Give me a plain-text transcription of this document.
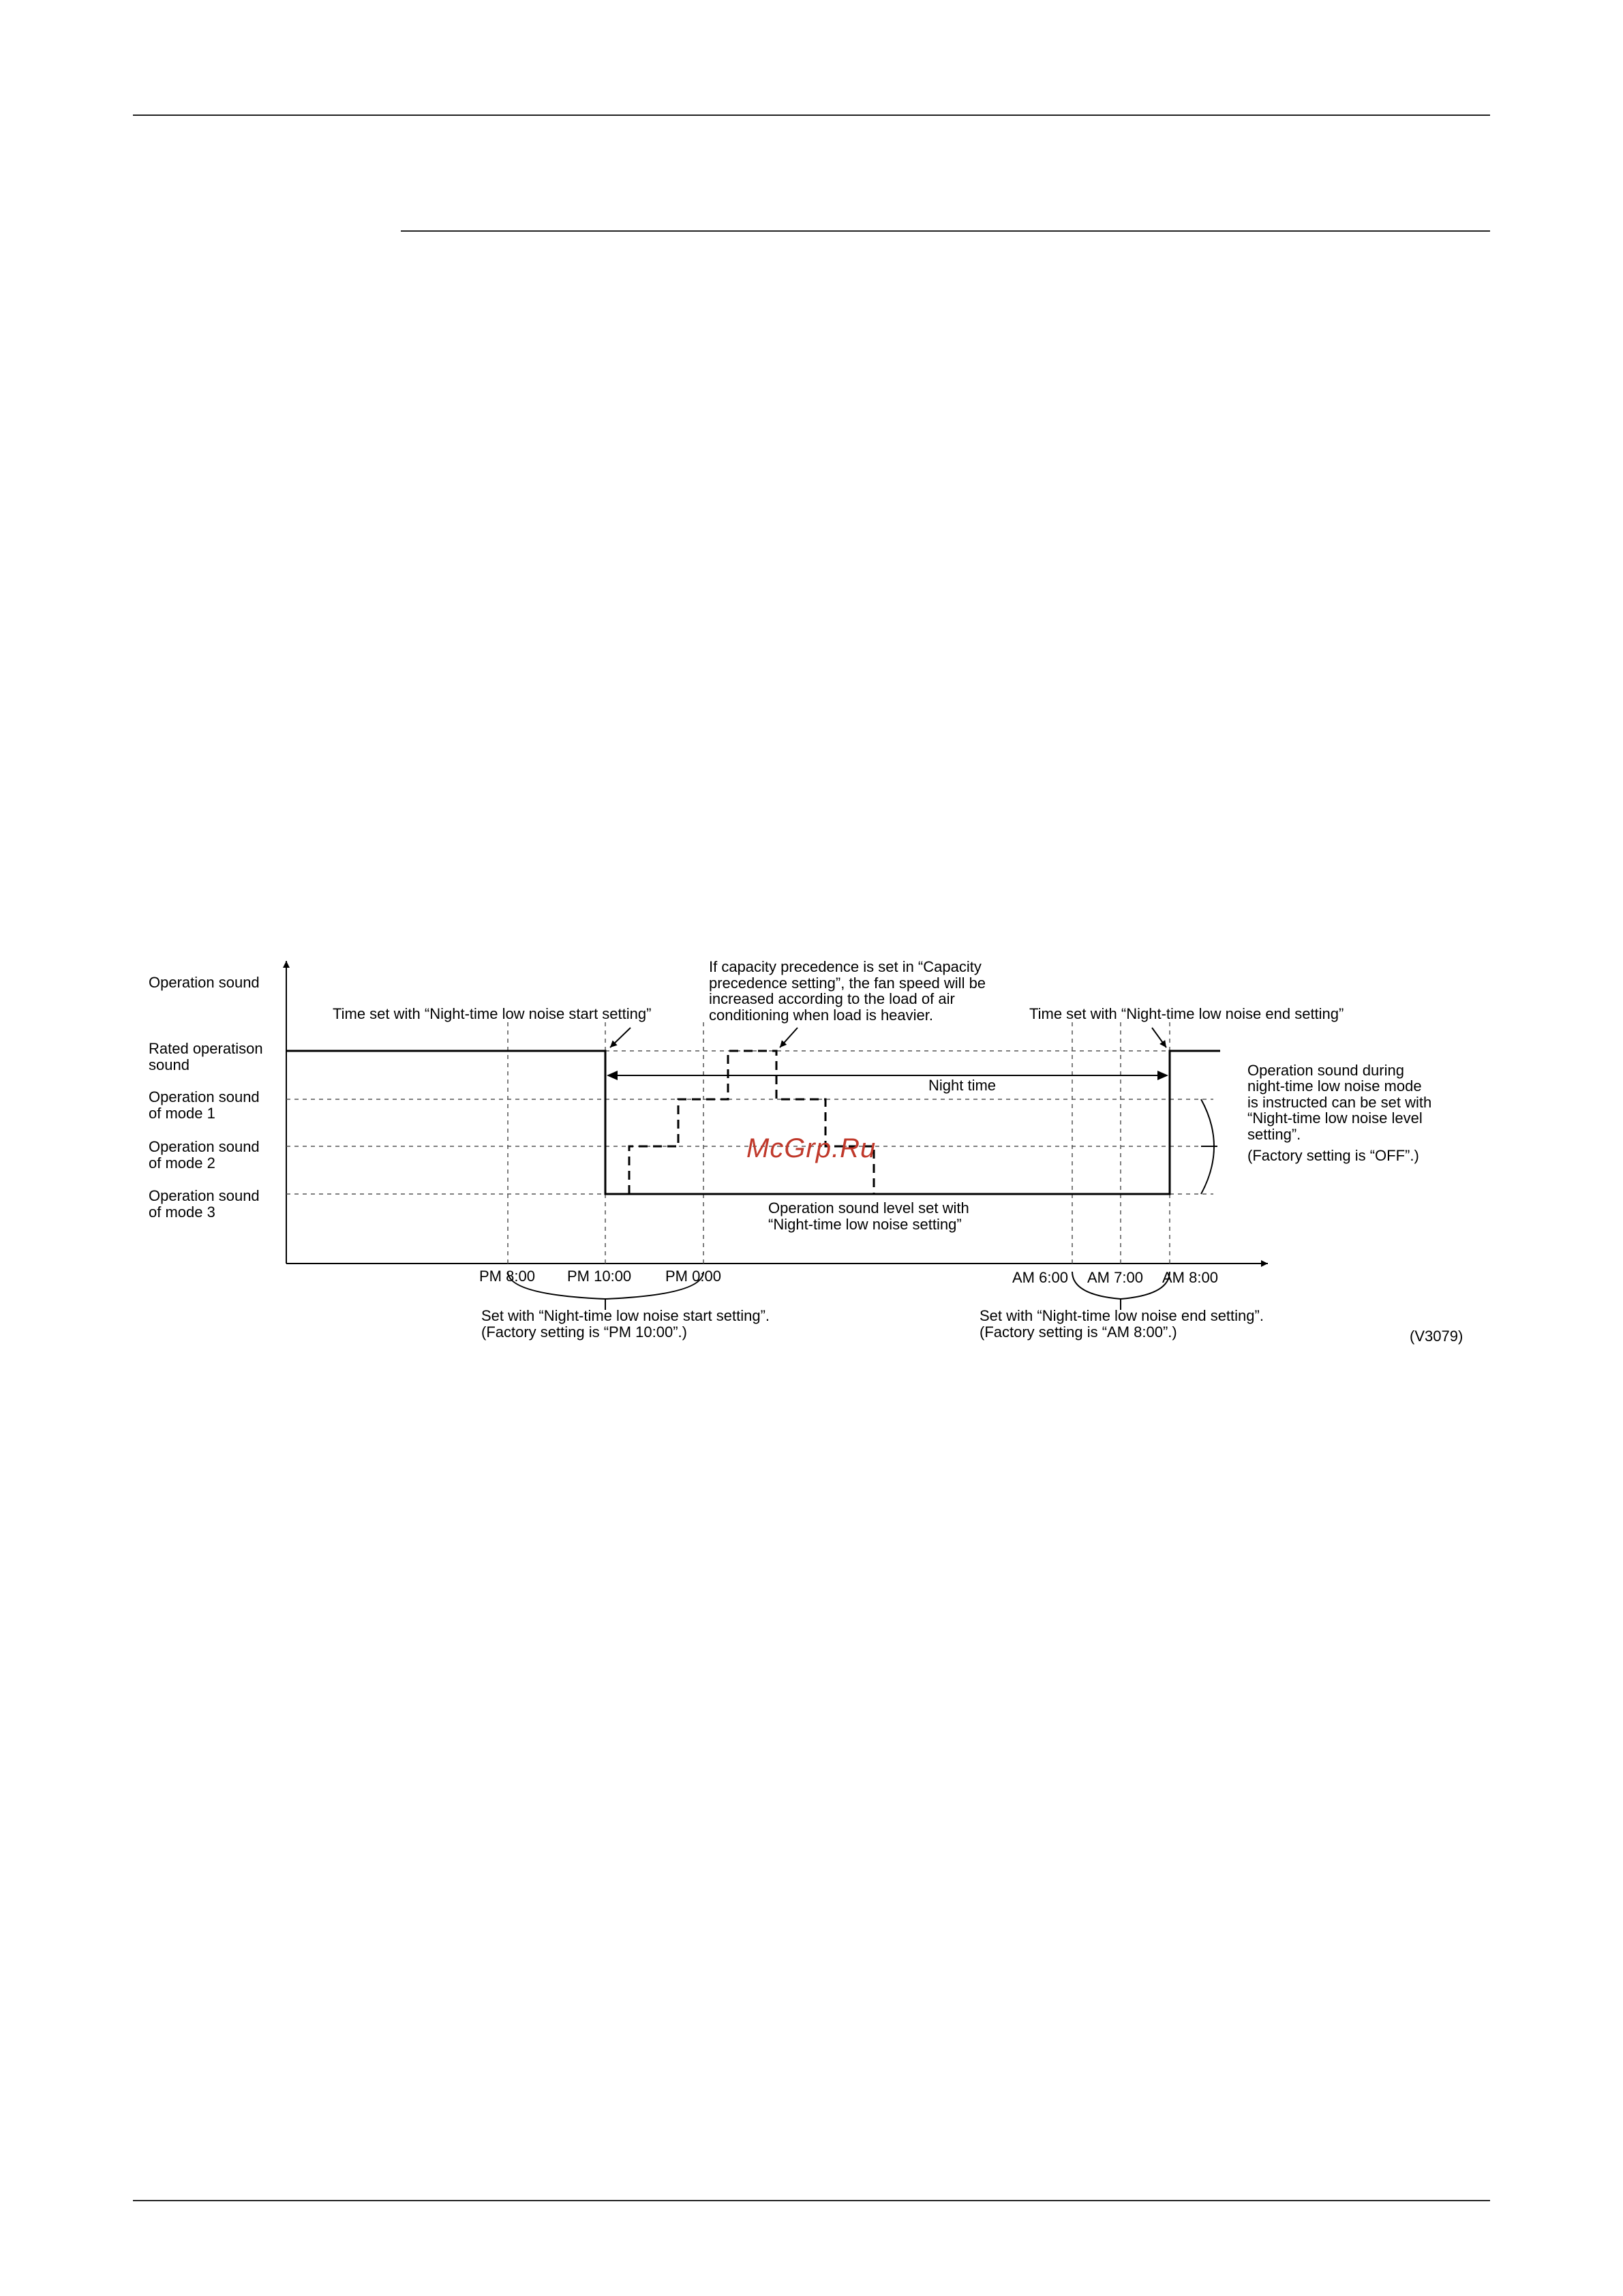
Operation sound
Rated operatison
sound
Operation sound
of mode 1
Operation sound
of mode 2
Operation sound
of mode 3
Time set with “Night-time low noise start setting”	Time set with “Night-time low noise end setting”
If capacity precedence is set in “Capacity
precedence setting”, the fan speed will be
increased according to the load of air
conditioning when load is heavier.
Night time
Operation sound level set with
“Night-time low noise setting”
Operation sound during
night-time low noise mode
is instructed can be set with
“Night-time low noise level
setting”.
(Factory setting is “OFF”.)
PM 8:00 PM 10:00 PM 0:00	AM 6:00 AM 7:00 AM 8:00
Set with “Night-time low noise start setting”.
(Factory setting is “PM 10:00”.)
Set with “Night-time low noise end setting”.
(Factory setting is “AM 8:00”.)	(V3079)
McGrp.Ru
